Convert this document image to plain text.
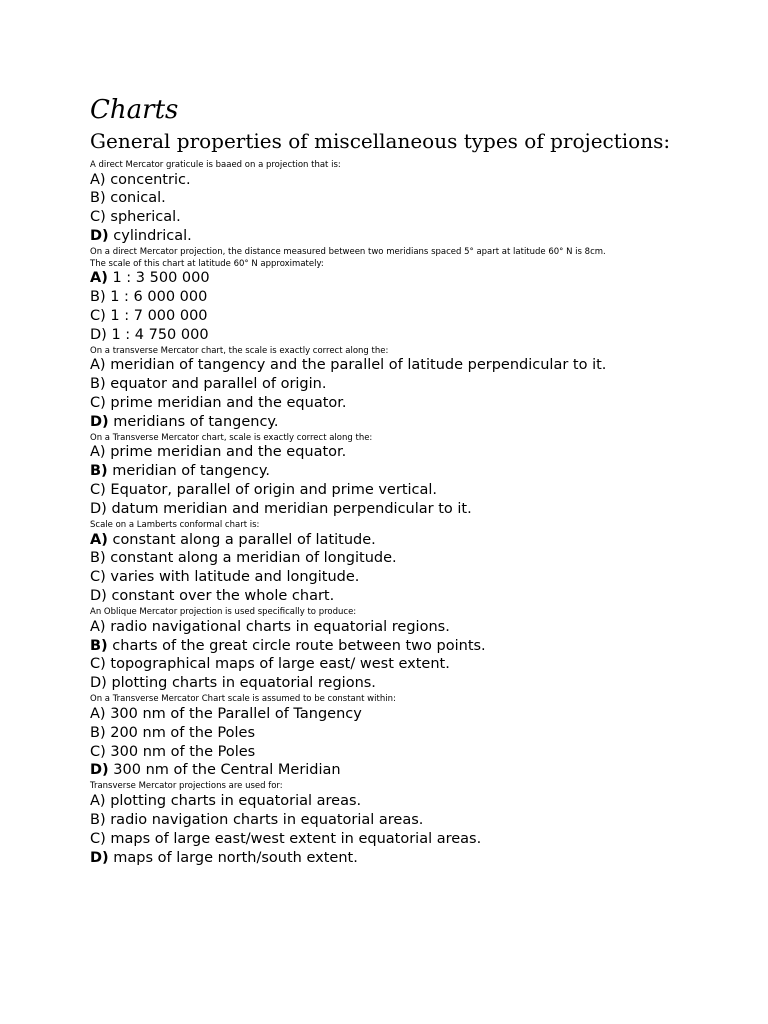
Charts
General properties of miscellaneous types of projections:
A direct Mercator graticule is baaed on a projection that is:
A) concentric.
B) conical.
C) spherical.
D) cylindrical.
On a direct Mercator projection, the distance measured between two meridians spaced 5° apart at latitude 60° N is 8cm.
The scale of this chart at latitude 60° N approximately:
A) 1 : 3 500 000
B) 1 : 6 000 000
C) 1 : 7 000 000
D) 1 : 4 750 000
On a transverse Mercator chart, the scale is exactly correct along the:
A) meridian of tangency and the parallel of latitude perpendicular to it.
B) equator and parallel of origin.
C) prime meridian and the equator.
D) meridians of tangency.
On a Transverse Mercator chart, scale is exactly correct along the:
A) prime meridian and the equator.
B) meridian of tangency.
C) Equator, parallel of origin and prime vertical.
D) datum meridian and meridian perpendicular to it.
Scale on a Lamberts conformal chart is:
A) constant along a parallel of latitude.
B) constant along a meridian of longitude.
C) varies with latitude and longitude.
D) constant over the whole chart.
An Oblique Mercator projection is used specifically to produce:
A) radio navigational charts in equatorial regions.
B) charts of the great circle route between two points.
C) topographical maps of large east/ west extent.
D) plotting charts in equatorial regions.
On a Transverse Mercator Chart scale is assumed to be constant within:
A) 300 nm of the Parallel of Tangency
B) 200 nm of the Poles
C) 300 nm of the Poles
D) 300 nm of the Central Meridian
Transverse Mercator projections are used for:
A) plotting charts in equatorial areas.
B) radio navigation charts in equatorial areas.
C) maps of large east/west extent in equatorial areas.
D) maps of large north/south extent.
